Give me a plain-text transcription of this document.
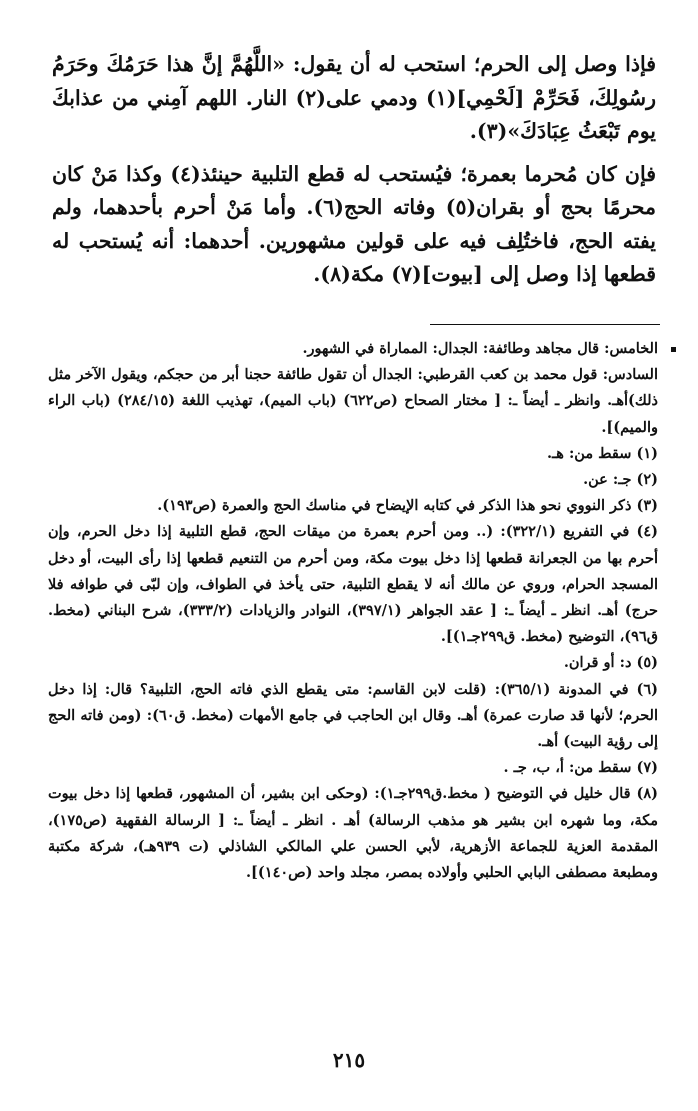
فإذا وصل إلى الحرم؛ استحب له أن يقول: «اللَّهُمَّ إنَّ هذا حَرَمُكَ وحَرَمُ رسُولِكَ، فَحَرِّمْ [لَحْمِي](١) ودمي على(٢) النار. اللهم آمِني من عذابكَ يوم تَبْعَثُ عِبَادَكَ»(٣).

فإن كان مُحرما بعمرة؛ فيُستحب له قطع التلبية حينئذ(٤) وكذا مَنْ كان محرمًا بحج أو بقران(٥) وفاته الحج(٦). وأما مَنْ أحرم بأحدهما، ولم يفته الحج، فاختُلِف فيه على قولين مشهورين. أحدهما: أنه يُستحب له قطعها إذا وصل إلى [بيوت](٧) مكة(٨).

الخامس: قال مجاهد وطائفة: الجدال: المماراة في الشهور.

السادس: قول محمد بن كعب القرطبي: الجدال أن تقول طائفة حجنا أبر من حجكم، ويقول الآخر مثل ذلك)أهـ. وانظر ـ أيضاً ـ: [ مختار الصحاح (ص٦٢٢) (باب الميم)، تهذيب اللغة (٢٨٤/١٥) (باب الراء والميم)].

(١) سقط من: هـ.

(٢) جـ: عن.

(٣) ذكر النووي نحو هذا الذكر في كتابه الإيضاح في مناسك الحج والعمرة (ص١٩٣).

(٤) في التفريع (٣٢٢/١): (.. ومن أحرم بعمرة من ميقات الحج، قطع التلبية إذا دخل الحرم، وإن أحرم بها من الجعرانة قطعها إذا دخل بيوت مكة، ومن أحرم من التنعيم قطعها إذا رأى البيت، أو دخل المسجد الحرام، وروي عن مالك أنه لا يقطع التلبية، حتى يأخذ في الطواف، وإن لبّى في طوافه فلا حرج) أهـ. انظر ـ أيضاً ـ: [ عقد الجواهر (٣٩٧/١)، النوادر والزيادات (٣٣٣/٢)، شرح البناني (مخط. ق٩٦)، التوضيح (مخط. ق٢٩٩جـ١)].

(٥) د: أو قران.

(٦) في المدونة (٣٦٥/١): (قلت لابن القاسم: متى يقطع الذي فاته الحج، التلبية؟ قال: إذا دخل الحرم؛ لأنها قد صارت عمرة) أهـ. وقال ابن الحاجب في جامع الأمهات (مخط. ق٦٠): (ومن فاته الحج إلى رؤية البيت) أهـ.

(٧) سقط من: أ، ب، جـ .

(٨) قال خليل في التوضيح ( مخط.ق٢٩٩جـ١): (وحكى ابن بشير، أن المشهور، قطعها إذا دخل بيوت مكة، وما شهره ابن بشير هو مذهب الرسالة) أهـ . انظر ـ أيضاً ـ: [ الرسالة الفقهية (ص١٧٥)، المقدمة العزية للجماعة الأزهرية، لأبي الحسن علي المالكي الشاذلي (ت ٩٣٩هـ)، شركة مكتبة ومطبعة مصطفى البابي الحلبي وأولاده بمصر، مجلد واحد (ص١٤٠)].

٢١٥
